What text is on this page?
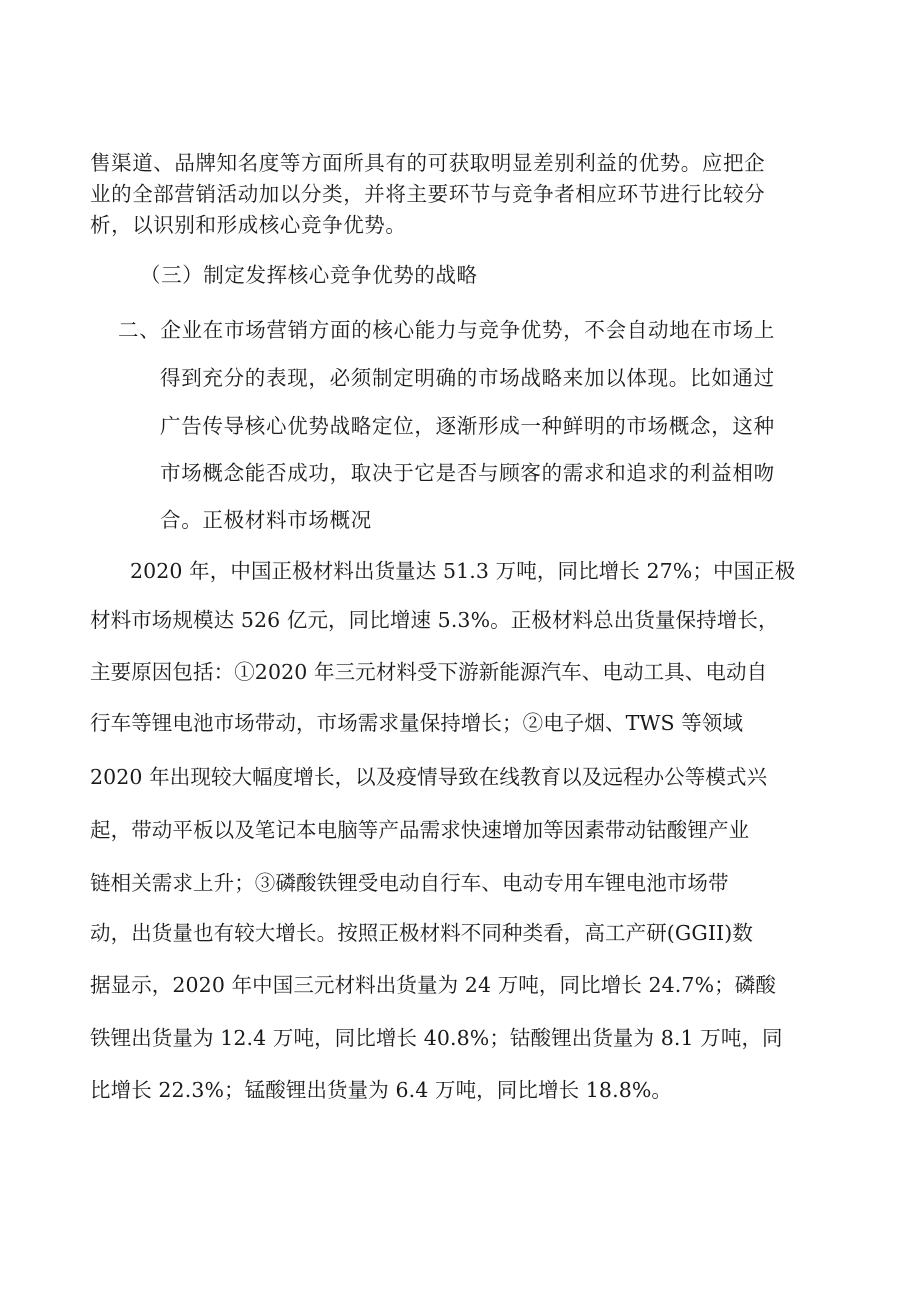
售渠道、品牌知名度等方面所具有的可获取明显差别利益的优势。应把企
业的全部营销活动加以分类，并将主要环节与竞争者相应环节进行比较分
析，以识别和形成核心竞争优势。
（三）制定发挥核心竞争优势的战略
二、企业在市场营销方面的核心能力与竞争优势，不会自动地在市场上
得到充分的表现，必须制定明确的市场战略来加以体现。比如通过
广告传导核心优势战略定位，逐渐形成一种鲜明的市场概念，这种
市场概念能否成功，取决于它是否与顾客的需求和追求的利益相吻
合。正极材料市场概况
2020 年，中国正极材料出货量达 51.3 万吨，同比增长 27%；中国正极
材料市场规模达 526 亿元，同比增速 5.3%。正极材料总出货量保持增长，
主要原因包括：①2020 年三元材料受下游新能源汽车、电动工具、电动自
行车等锂电池市场带动，市场需求量保持增长；②电子烟、TWS 等领域
2020 年出现较大幅度增长，以及疫情导致在线教育以及远程办公等模式兴
起，带动平板以及笔记本电脑等产品需求快速增加等因素带动钴酸锂产业
链相关需求上升；③磷酸铁锂受电动自行车、电动专用车锂电池市场带
动，出货量也有较大增长。按照正极材料不同种类看，高工产研(GGII)数
据显示，2020 年中国三元材料出货量为 24 万吨，同比增长 24.7%；磷酸
铁锂出货量为 12.4 万吨，同比增长 40.8%；钴酸锂出货量为 8.1 万吨，同
比增长 22.3%；锰酸锂出货量为 6.4 万吨，同比增长 18.8%。
